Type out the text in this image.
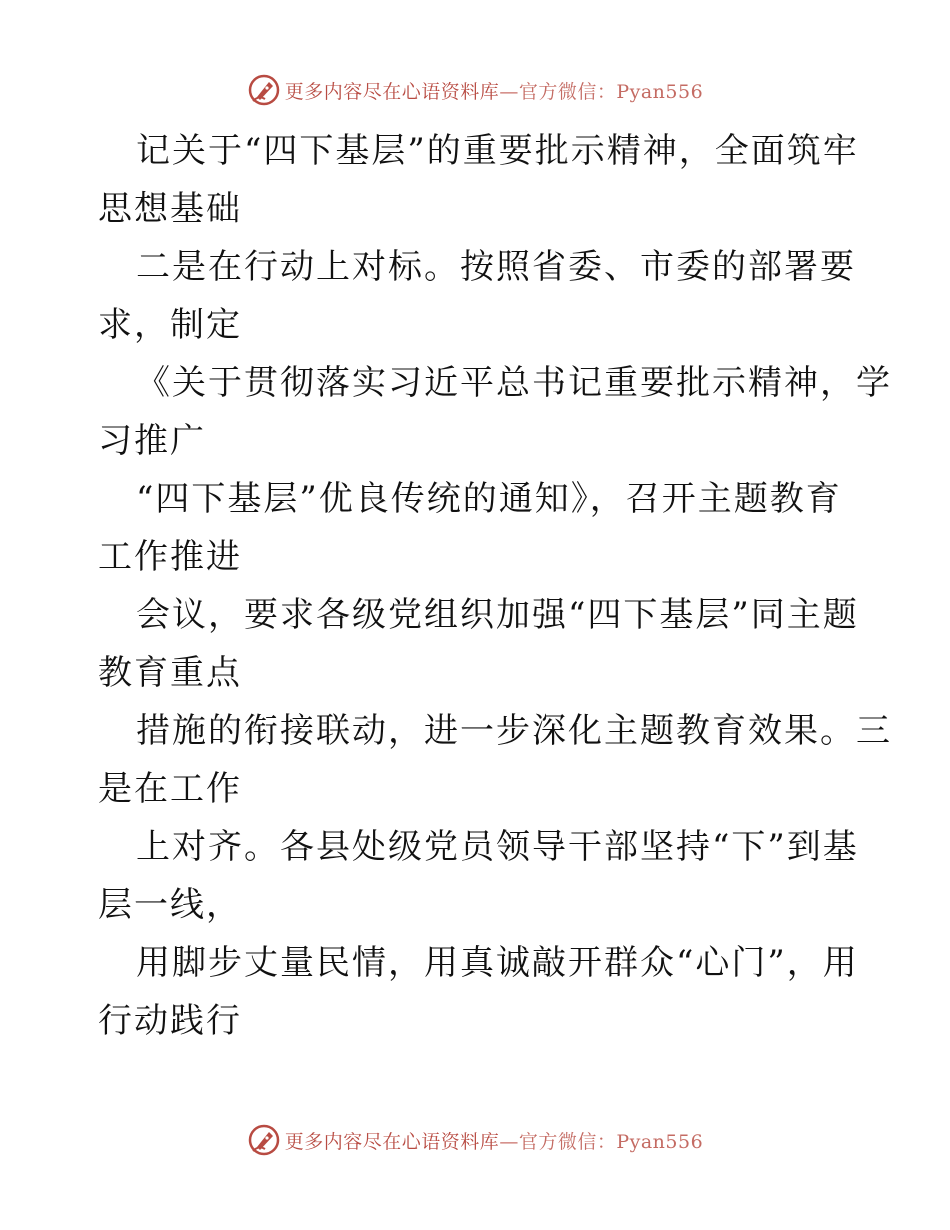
更多内容尽在心语资料库—官方微信：Pyan556
记关于“四下基层”的重要批示精神，全面筑牢
思想基础
二是在行动上对标。按照省委、市委的部署要
求，制定
《关于贯彻落实习近平总书记重要批示精神，学
习推广
“四下基层”优良传统的通知》，召开主题教育
工作推进
会议，要求各级党组织加强“四下基层”同主题
教育重点
措施的衔接联动，进一步深化主题教育效果。三
是在工作
上对齐。各县处级党员领导干部坚持“下”到基
层一线，
用脚步丈量民情，用真诚敲开群众“心门”，用
行动践行
更多内容尽在心语资料库—官方微信：Pyan556
